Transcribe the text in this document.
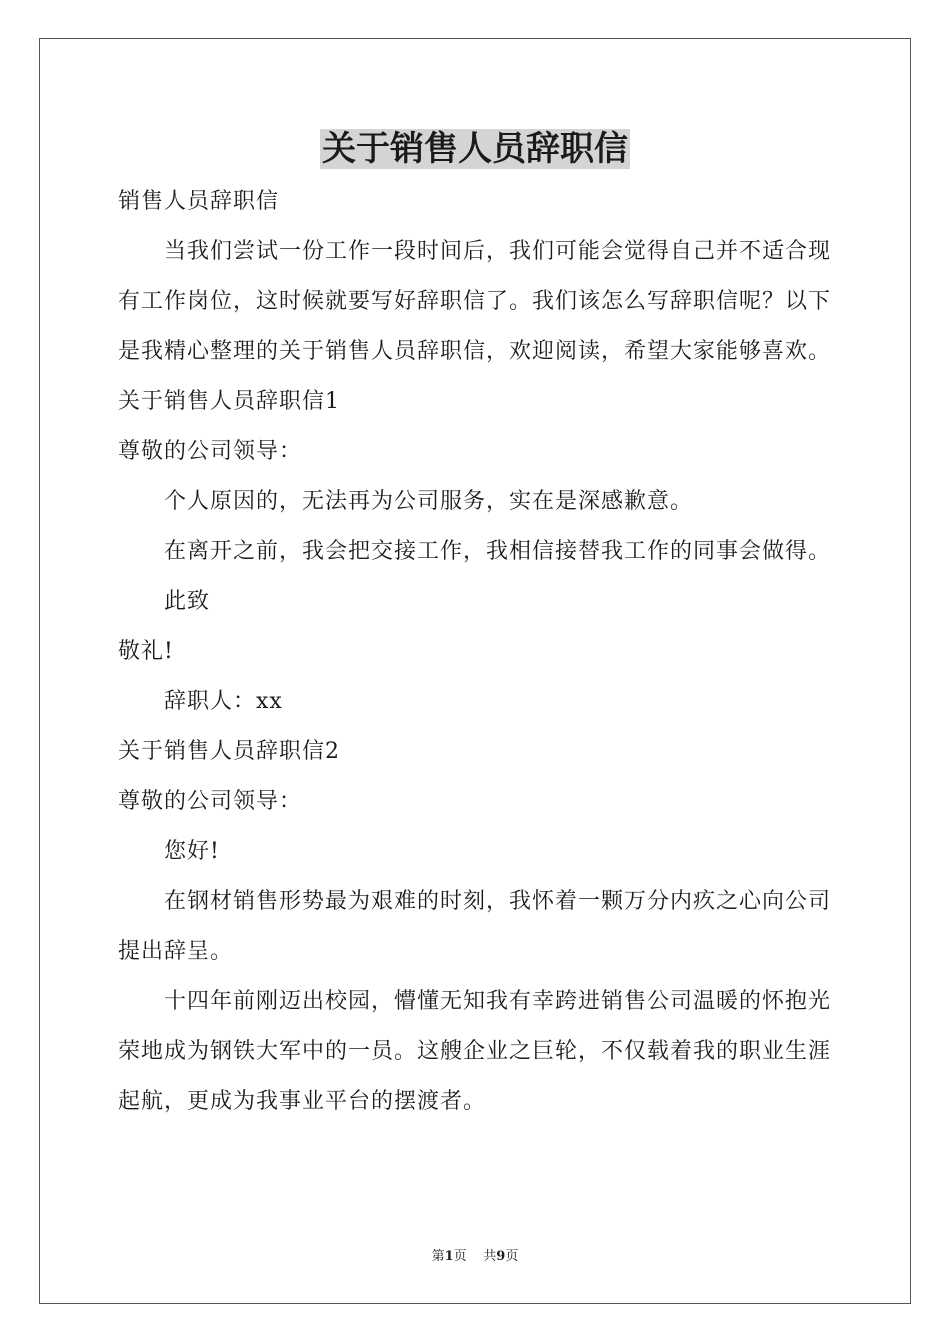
关于销售人员辞职信

销售人员辞职信

当我们尝试一份工作一段时间后，我们可能会觉得自己并不适合现有工作岗位，这时候就要写好辞职信了。我们该怎么写辞职信呢？以下是我精心整理的关于销售人员辞职信，欢迎阅读，希望大家能够喜欢。

关于销售人员辞职信1

尊敬的公司领导：

个人原因的，无法再为公司服务，实在是深感歉意。

在离开之前，我会把交接工作，我相信接替我工作的同事会做得。

此致

敬礼!

辞职人：xx

关于销售人员辞职信2

尊敬的公司领导：

您好!

在钢材销售形势最为艰难的时刻，我怀着一颗万分内疚之心向公司提出辞呈。

十四年前刚迈出校园，懵懂无知我有幸跨进销售公司温暖的怀抱光荣地成为钢铁大军中的一员。这艘企业之巨轮，不仅载着我的职业生涯起航，更成为我事业平台的摆渡者。

第1页 共9页
